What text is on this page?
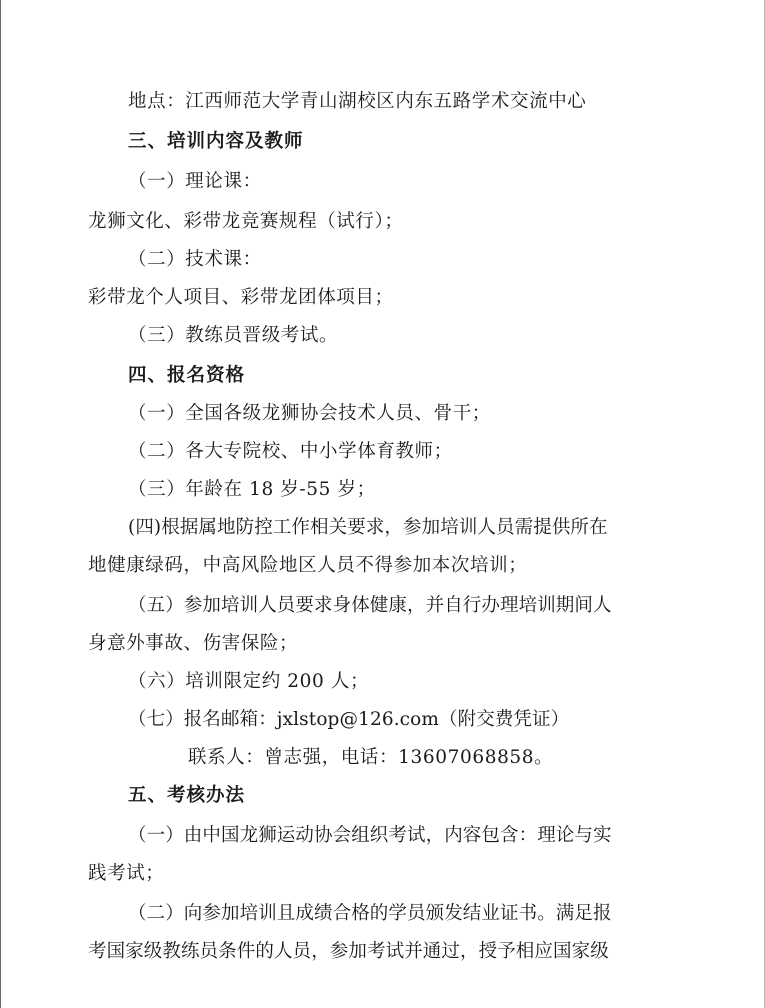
地点：江西师范大学青山湖校区内东五路学术交流中心
三、培训内容及教师
（一）理论课：
龙狮文化、彩带龙竞赛规程（试行）；
（二）技术课：
彩带龙个人项目、彩带龙团体项目；
（三）教练员晋级考试。
四、报名资格
（一）全国各级龙狮协会技术人员、骨干；
（二）各大专院校、中小学体育教师；
（三）年龄在 18 岁-55 岁；
(四)根据属地防控工作相关要求，参加培训人员需提供所在
地健康绿码，中高风险地区人员不得参加本次培训；
（五）参加培训人员要求身体健康，并自行办理培训期间人
身意外事故、伤害保险；
（六）培训限定约 200 人；
（七）报名邮箱：jxlstop@126.com（附交费凭证）
联系人：曾志强，电话：13607068858。
五、考核办法
（一）由中国龙狮运动协会组织考试，内容包含：理论与实
践考试；
（二）向参加培训且成绩合格的学员颁发结业证书。满足报
考国家级教练员条件的人员，参加考试并通过，授予相应国家级
